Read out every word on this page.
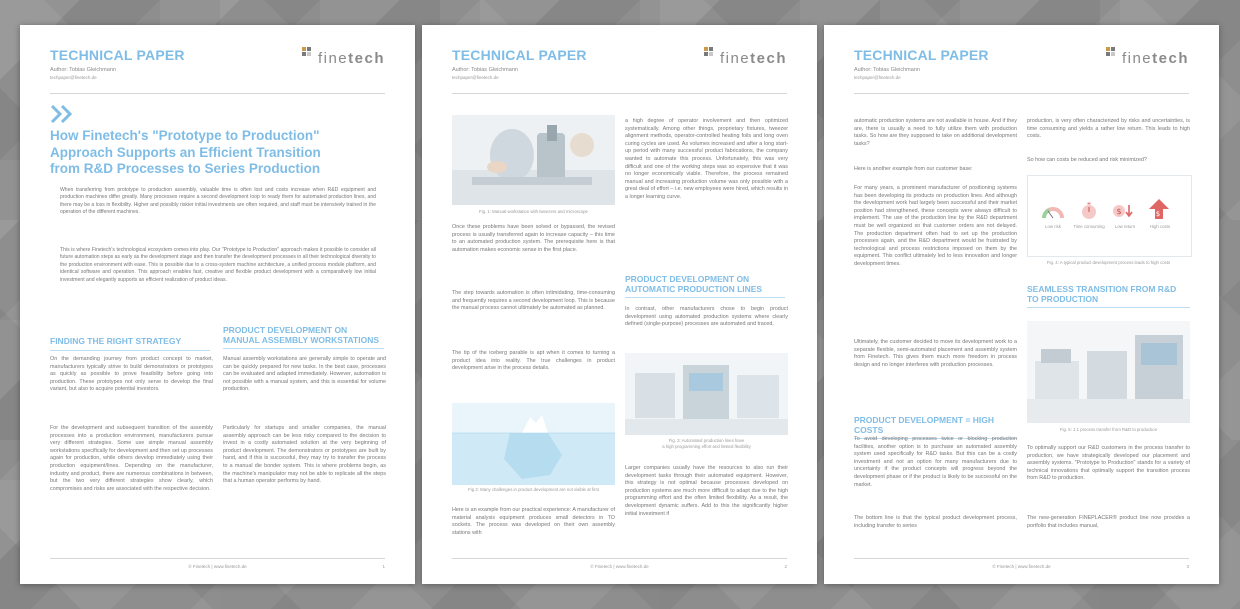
TECHNICAL PAPER
Author: Tobias Gleichmann
techpaper@finetech.de
finetech
How Finetech's "Prototype to Production" Approach Supports an Efficient Transition from R&D Processes to Series Production
When transferring from prototype to production assembly, valuable time is often lost and costs increase when R&D equipment and production machines differ greatly. Many processes require a second development loop to ready them for automated production lines, and there may be a loss in flexibility. Higher and possibly riskier initial investments are often required, and staff must be intensively trained in the operation of the different machines.
This is where Finetech's technological ecosystem comes into play. Our "Prototype to Production" approach makes it possible to consider all future automation steps as early as the development stage and then transfer the development processes in all their technological diversity to the production environment with ease. This is possible due to a cross-system machine architecture, a unified process module platform, and identical software and operation. This approach enables fast, creative and flexible product development with a comparatively low initial investment and elegantly supports an efficient realization of product ideas.
FINDING THE RIGHT STRATEGY
On the demanding journey from product concept to market, manufacturers typically strive to build demonstrators or prototypes as quickly as possible to prove feasibility before going into production. These prototypes not only serve to develop the final variant, but also to acquire potential investors.
For the development and subsequent transition of the assembly processes into a production environment, manufacturers pursue very different strategies. Some use simple manual assembly workstations specifically for development and then set up processes again for production, while others develop immediately using their production equipment/lines. Depending on the manufacturer, industry and product, there are numerous combinations in between, but the two very different strategies show clearly, which compromises and risks are associated with the respective decision.
PRODUCT DEVELOPMENT ON MANUAL ASSEMBLY WORKSTATIONS
Manual assembly workstations are generally simple to operate and can be quickly prepared for new tasks. In the best case, processes can be evaluated and adapted immediately. However, automation is not possible with a manual system, and this is essential for volume production.
Particularly for startups and smaller companies, the manual assembly approach can be less risky compared to the decision to invest in a costly automated solution at the very beginning of product development. The demonstrators or prototypes are built by hand, and if this is successful, they may try to transfer the process to a manual die bonder system. This is where problems begin, as the machine's manipulator may not be able to replicate all the steps that a human operator performs by hand.
© Finetech | www.finetech.de	1
TECHNICAL PAPER
Author: Tobias Gleichmann
techpaper@finetech.de
finetech
Fig. 1: Manual workstation with tweezers and microscope
Once these problems have been solved or bypassed, the revised process is usually transferred again to increase capacity – this time to an automated production system. The prerequisite here is that automation makes economic sense in the first place.
The step towards automation is often intimidating, time-consuming and frequently requires a second development loop. This is because the manual process cannot ultimately be automated as planned.
The tip of the iceberg parable is apt when it comes to turning a product idea into reality. The true challenges in product development arise in the process details.
Fig 2: Many challenges in product development are not visible at first
Here is an example from our practical experience: A manufacturer of material analysis equipment produces small detectors in TO sockets. The process was developed on their own assembly stations with
a high degree of operator involvement and then optimized systematically. Among other things, proprietary fixtures, tweezer alignment methods, operator-controlled heating foils and long oven curing cycles are used. As volumes increased and after a long start-up period with many successful product fabrications, the company wanted to automate this process. Unfortunately, this was very difficult and one of the working steps was so expensive that it was no longer economically viable. Therefore, the process remained manual and increasing production volume was only possible with a great deal of effort – i.e. new employees were hired, which results in a longer learning curve.
PRODUCT DEVELOPMENT ON AUTOMATIC PRODUCTION LINES
In contrast, other manufacturers chose to begin product development using automated production systems where clearly defined (single-purpose) processes are automated and traced.
Fig. 3: Automated production lines have
a high programming effort and limited flexibility
Larger companies usually have the resources to also run their development tasks through their automated equipment. However, this strategy is not optimal because processes developed on production systems are much more difficult to adapt due to the high programming effort and the often limited flexibility. As a result, the development dynamic suffers. Add to this the significantly higher initial investment if
© Finetech | www.finetech.de	2
TECHNICAL PAPER
Author: Tobias Gleichmann
techpaper@finetech.de
finetech
automatic production systems are not available in house. And if they are, there is usually a need to fully utilize them with production tasks. So how are they supposed to take on additional development tasks?
Here is another example from our customer base:
For many years, a prominent manufacturer of positioning systems has been developing its products on production lines. And although the development work had largely been successful and their market position had strengthened, these concepts were always difficult to implement. The use of the production line by the R&D department must be well organized so that customer orders are not delayed. The production department often had to set up the production processes again, and the R&D department would be frustrated by technological and process restrictions imposed on them by the equipment. This conflict ultimately led to less innovation and longer development times.
Ultimately, the customer decided to move its development work to a separate flexible, semi-automated placement and assembly system from Finetech. This gives them much more freedom in process design and no longer interferes with production processes.
PRODUCT DEVELOPMENT = HIGH COSTS
To avoid developing processes twice or blocking production facilities, another option is to purchase an automated assembly system used specifically for R&D tasks. But this can be a costly investment and not an option for many manufacturers due to uncertainty if the product concepts will progress beyond the development phase or if the product is likely to be successful on the market.
The bottom line is that the typical product development process, including transfer to series
production, is very often characterized by risks and uncertainties, is time consuming and yields a rather low return. This leads to high costs.
So how can costs be reduced and risk minimized?
$	$
Low risk	Time consuming	Low return	High costs
Fig. 4: A typical product development process leads to high costs
SEAMLESS TRANSITION FROM R&D TO PRODUCTION
Fig. 5: 1:1 process transfer from R&D to production
To optimally support our R&D customers in the process transfer to production, we have strategically developed our placement and assembly systems. "Prototype to Production" stands for a variety of technical innovations that optimally support the transition process from R&D to production.
The new-generation FINEPLACER® product line now provides a portfolio that includes manual,
© Finetech | www.finetech.de	3
